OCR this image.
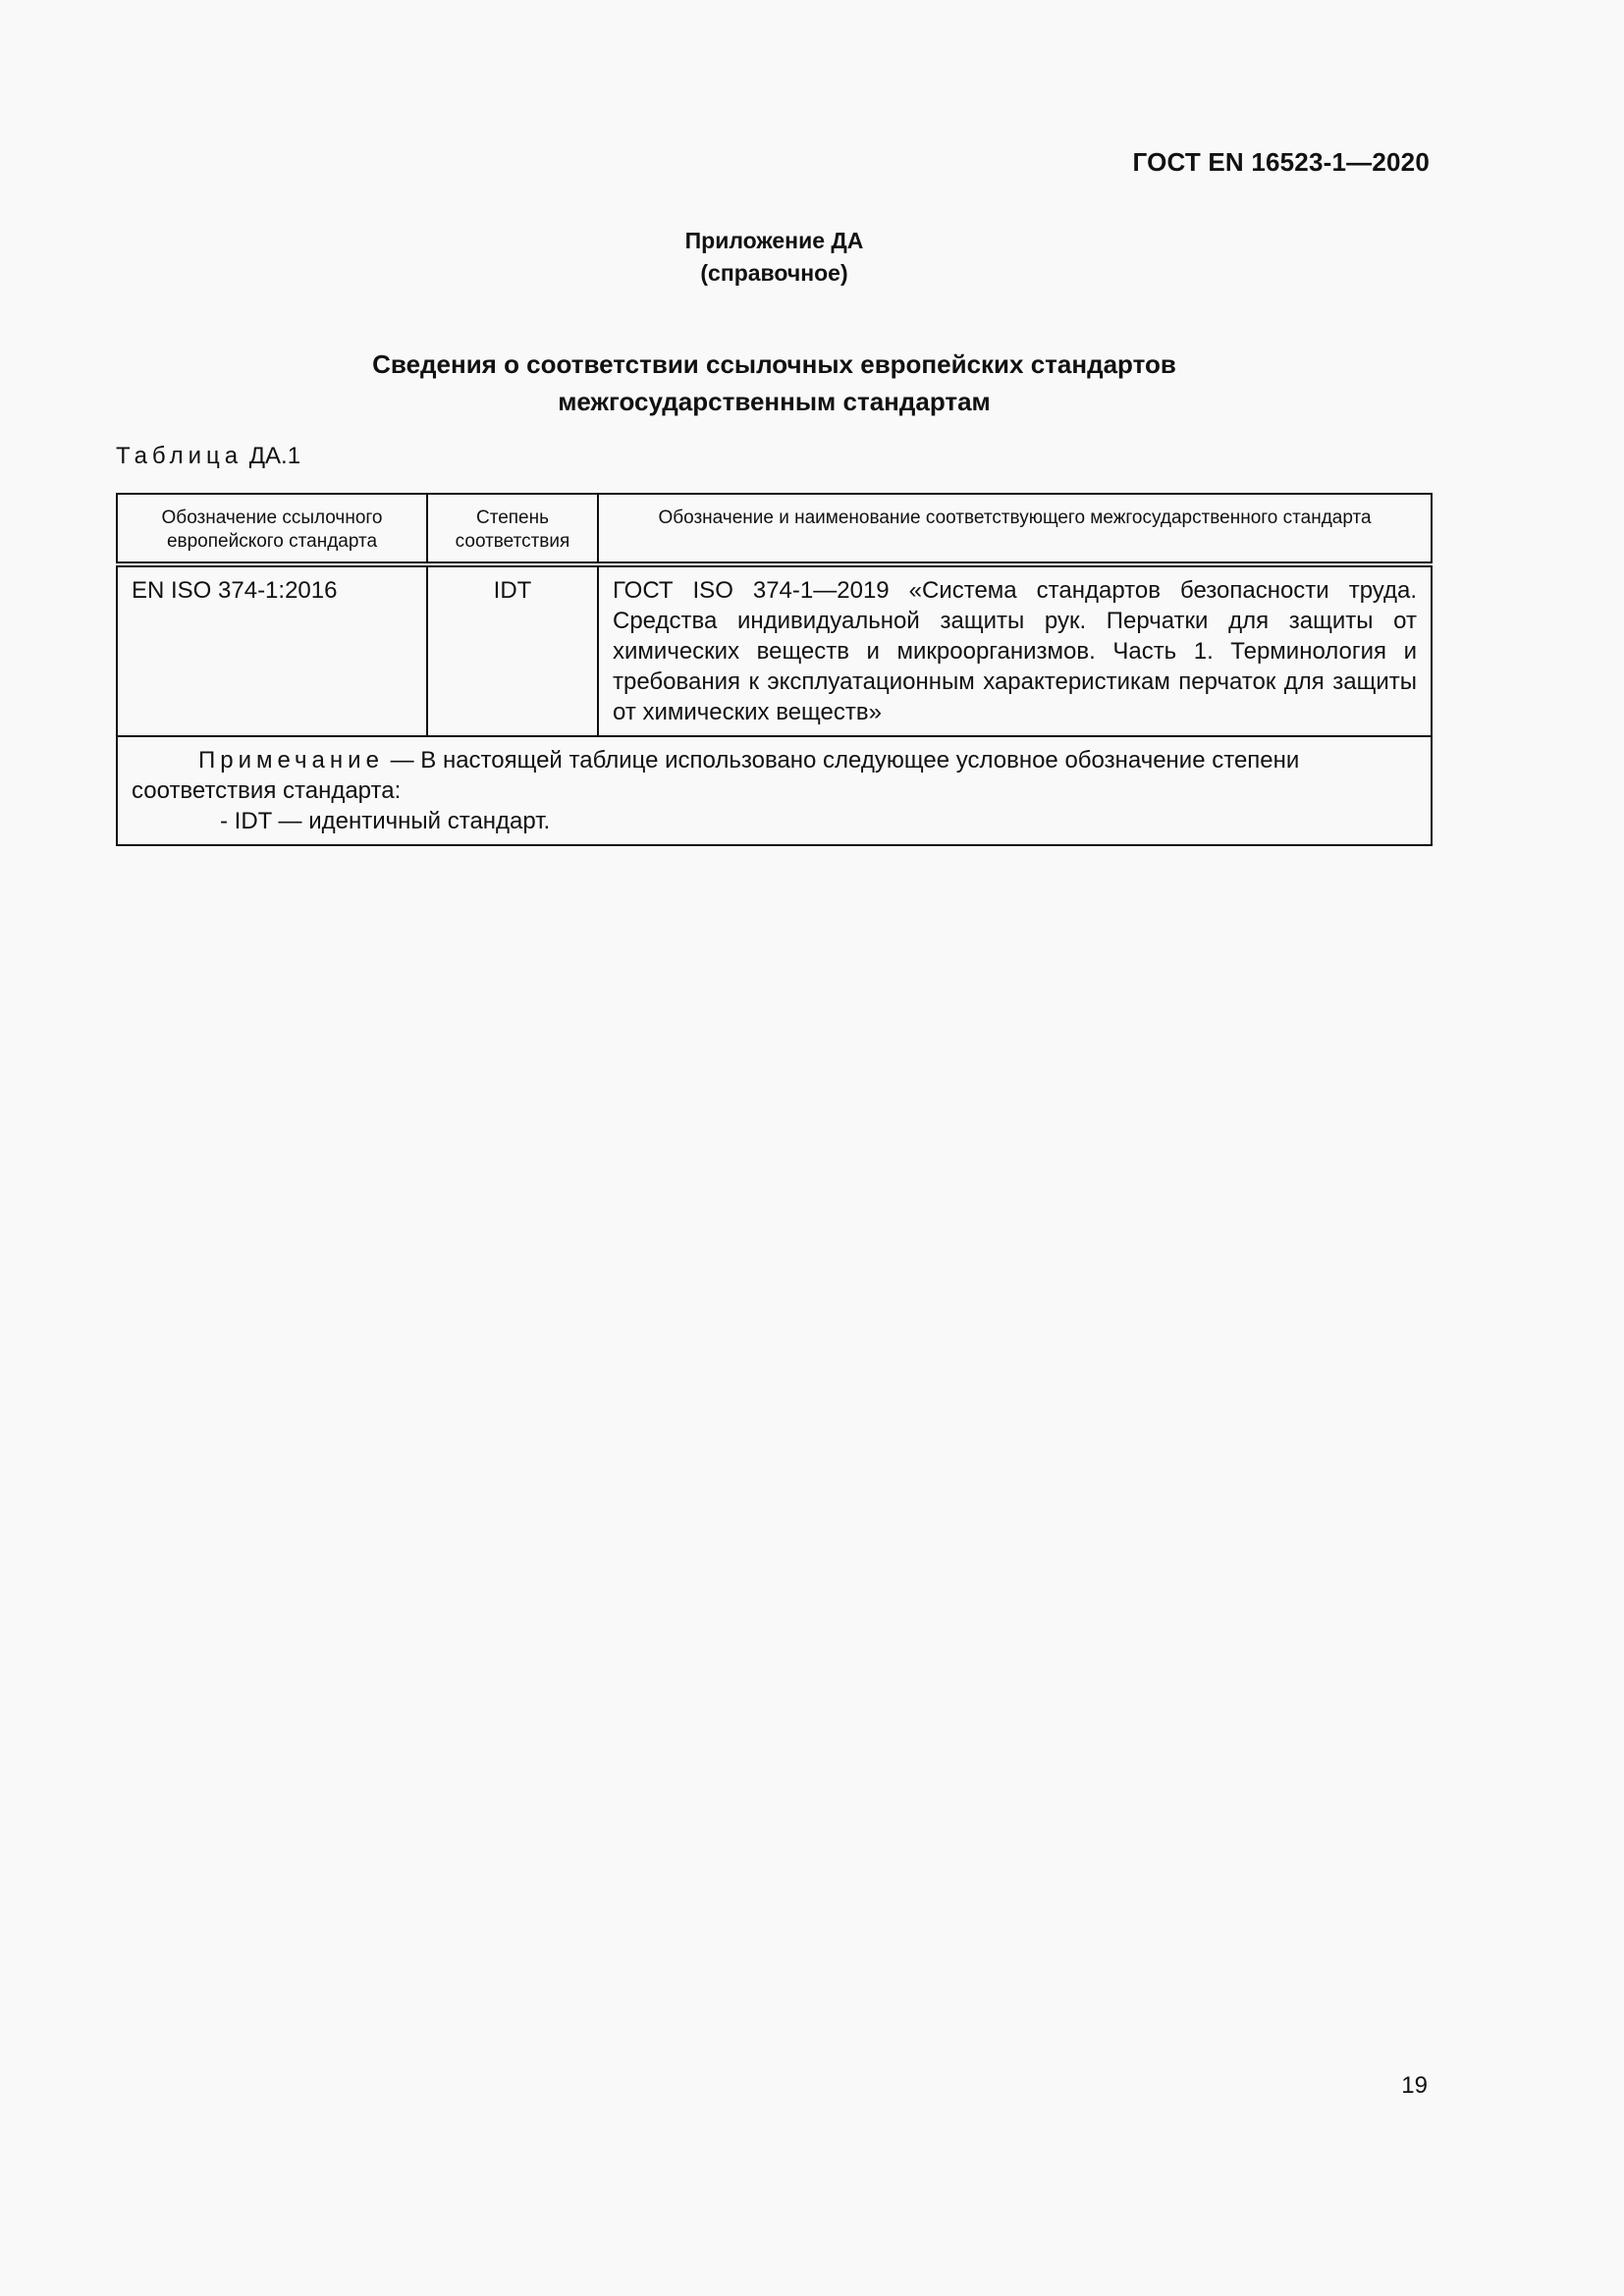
ГОСТ EN 16523-1—2020
Приложение ДА
(справочное)
Сведения о соответствии ссылочных европейских стандартов
межгосударственным стандартам
Таблица ДА.1
Обозначение ссылочного европейского стандарта	Степень соответствия	Обозначение и наименование соответствующего межгосударственного стандарта
EN ISO 374-1:2016	IDT	ГОСТ ISO 374-1—2019 «Система стандартов безопасности труда. Средства индивидуальной защиты рук. Перчатки для защиты от химических веществ и микроорганизмов. Часть 1. Терминология и требования к эксплуатационным характеристикам перчаток для защиты от химических веществ»

Примечание — В настоящей таблице использовано следующее условное обозначение степени соответствия стандарта:
- IDT — идентичный стандарт.		
19
